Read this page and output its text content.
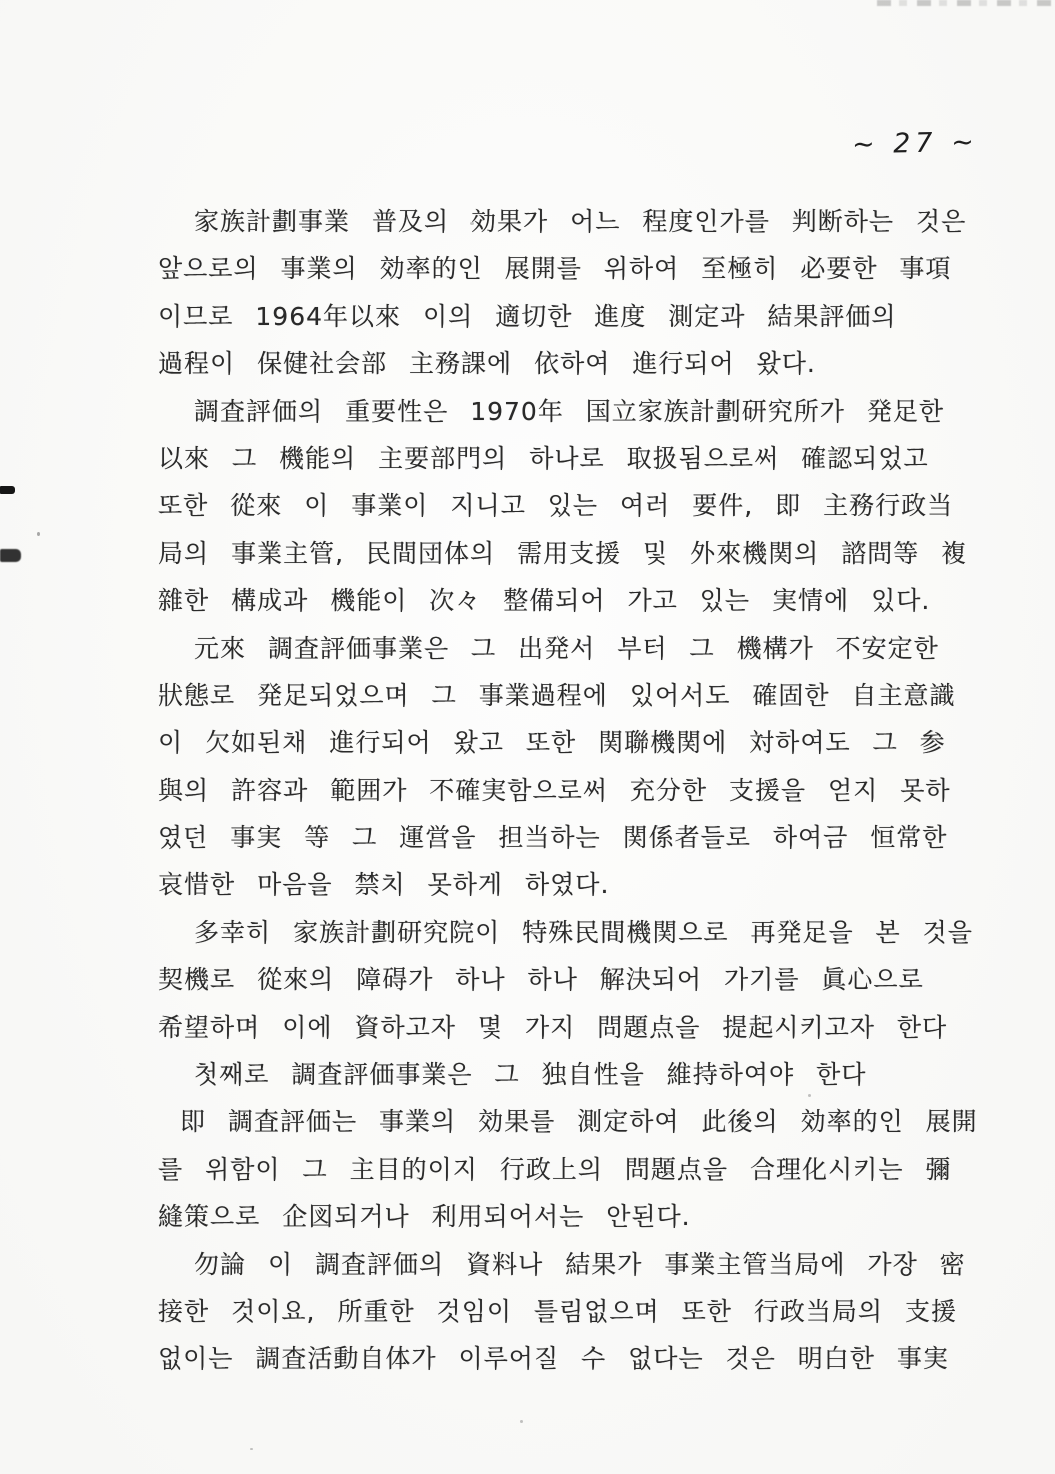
~ 27 ~
家族計劃事業 普及의 効果가 어느 程度인가를 判断하는 것은
앞으로의 事業의 効率的인 展開를 위하여 至極히 必要한 事項
이므로 1964年以來 이의 適切한 進度 測定과 結果評価의
過程이 保健社会部 主務課에 依하여 進行되어 왔다.
調査評価의 重要性은 1970年 国立家族計劃研究所가 発足한
以來 그 機能의 主要部門의 하나로 取扱됨으로써 確認되었고
또한 從來 이 事業이 지니고 있는 여러 要件, 即 主務行政当
局의 事業主管, 民間団体의 需用支援 및 外來機関의 諮問等 複
雜한 構成과 機能이 次々 整備되어 가고 있는 実情에 있다.
元來 調査評価事業은 그 出発서 부터 그 機構가 不安定한
狀態로 発足되었으며 그 事業過程에 있어서도 確固한 自主意識
이 欠如된채 進行되어 왔고 또한 関聯機関에 対하여도 그 参
與의 許容과 範囲가 不確実함으로써 充分한 支援을 얻지 못하
였던 事実 等 그 運営을 担当하는 関係者들로 하여금 恒常한
哀惜한 마음을 禁치 못하게 하였다.
多幸히 家族計劃研究院이 特殊民間機関으로 再発足을 본 것을
契機로 從來의 障碍가 하나 하나 解決되어 가기를 眞心으로
希望하며 이에 資하고자 몇 가지 問題点을 提起시키고자 한다
첫째로 調査評価事業은 그 独自性을 維持하여야 한다
即 調査評価는 事業의 効果를 測定하여 此後의 効率的인 展開
를 위함이 그 主目的이지 行政上의 問題点을 合理化시키는 彌
縫策으로 企図되거나 利用되어서는 안된다.
勿論 이 調査評価의 資料나 結果가 事業主管当局에 가장 密
接한 것이요, 所重한 것임이 틀림없으며 또한 行政当局의 支援
없이는 調査活動自体가 이루어질 수 없다는 것은 明白한 事実
